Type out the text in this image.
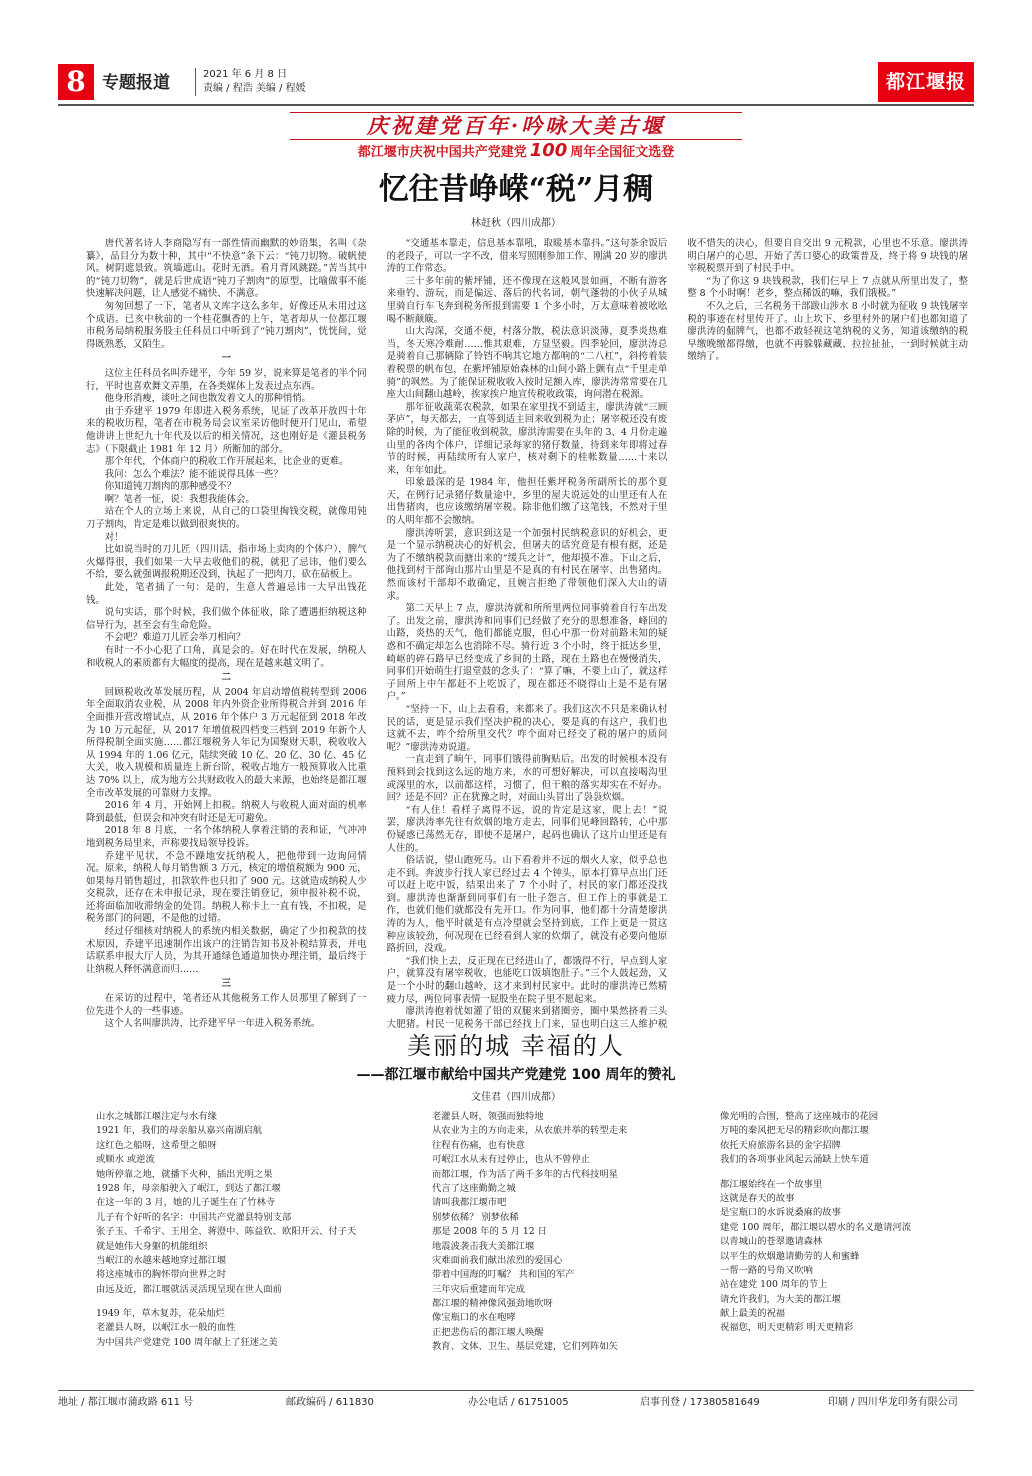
8 专题报道	2021 年 6 月 8 日
责编 / 程浩 美编 / 程媛	都江堰报
庆祝建党百年·吟咏大美古堰
都江堰市庆祝中国共产党建党 100 周年全国征文选登
忆往昔峥嵘“税”月稠
林赶秋（四川成都）

唐代著名诗人李商隐写有一部性情而幽默的妙语集，名叫《杂纂》，品目分为数十种，其中“不快意”条下云：“钝刀切物。破帆使风。树阴遮景致。筑墙遮山。花时无酒。看月背风跳蹉。”苦当其中的“钝刀切物”，就是后世成语“钝刀子割肉”的原型，比喻做事不能快速解决问题，让人感觉不痛快、不满意。

匆匆回想了一下，笔者从文库字这么多年，好像还从未用过这个成语。已亥中秋前的一个桂花飘香的上午，笔者却从一位都江堰市税务局纳税服务股主任科员口中听到了“钝刀割肉”，恍恍间，觉得既熟悉，又陌生。

一

这位主任科员名叫乔建平，今年 59 岁，说来算是笔者的半个同行，平时也喜欢舞文弄墨，在各类媒体上发表过点东西。

他身形消瘦，谈吐之间也散发着文人的那种悄悄。

由于乔建平 1979 年即进入税务系统，见证了改革开放四十年来的税收历程，笔者在市税务局会议室采访他时便开门见山，希望他讲讲上世纪九十年代及以后的相关情况，这也刚好是《灌县税务志》（下限截止 1981 年 12 月）所断加的部分。

那个年代，个体商户的税收工作开展起来，比企业的更难。

我问：怎么个难法？能不能说得具体一些？

你知道钝刀割肉的那种感受不？

啊？笔者一怔，说：我想我能体会。

站在个人的立场上来说，从自己的口袋里掏钱交税，就像用钝刀子割肉，肯定是难以做到很爽快的。

对！

比如说当时的刀儿匠（四川话，指市场上卖肉的个体户），脾气火爆得很，我们如果一大早去收他们的税，就犯了忌讳，他们要么不给，要么就强调报税期还没到，执起了一把肉刀，砍在砧板上。

此处，笔者插了一句：是的，生意人普遍忌讳一大早出钱花钱。

说句实话，那个时候，我们做个体征收，除了遭遇拒纳税这种信导行为，甚至会有生命危险。

不会吧？难道刀儿匠会举刀相向？

有时一不小心犯了口角，真是会的。好在时代在发展，纳税人和收税人的素质都有大幅度的提高，现在是越来越文明了。

二

回顾税收改革发展历程，从 2004 年启动增值税转型到 2006 年全面取消农业税，从 2008 年内外资企业所得税合并到 2016 年全面推开营改增试点，从 2016 年个体户 3 万元起征到 2018 年改为 10 万元起征，从 2017 年增值税四档变三档到 2019 年新个人所得税制全面实施……都江堰税务人年记为国聚财天职，税收收入从 1994 年的 1.06 亿元，陆续突破 10 亿、20 亿、30 亿、45 亿大关，收入规模和质量连上新台阶，税收占地方一般预算收入比重达 70% 以上，成为地方公共财政收入的最大来源，也始终是都江堰全市改革发展的可靠财力支撑。

2016 年 4 月，开始网上扣税。纳税人与收税人面对面的机率降到最低，但误会和冲突有时还是无可避免。

2018 年 8 月底，一名个体纳税人拿着注销的表和证，气冲冲地到税务局里来，声称要找局领导投诉。

乔建平见状，不急不躁地安抚纳税人，把他带到一边询问情况。原来，纳税人每月销售额 3 万元，核定的增值税额为 900 元，如果每月销售超过，扣款软件也只扣了 900 元。这就造成纳税人少交税款，还存在未申报记录，现在要注销登记，须申报补税不说，还将面临加收滞纳金的处罚。纳税人称卡上一直有钱，不扣税，是税务部门的问题，不是他的过错。

经过仔细核对纳税人的系统内相关数据，确定了少扣税款的技术原因，乔建平迅速制作出该户的注销告知书及补税结算表，并电话联系申报大厅人员，为其开通绿色通道加快办理注销，最后终于让纳税人释怀满意而归……

三

在采访的过程中，笔者还从其他税务工作人员那里了解到了一位先进个人的一些事迹。

这个人名叫廖洪涛，比乔建平早一年进入税务系统。

“交通基本靠走，信息基本靠吼，取暖基本靠抖。”这句茶余饭后的老段子，可以一字不改，借来写照刚参加工作、刚满 20 岁的廖洪涛的工作常态。

三十多年前的紫坪铺，还不像现在这般风景如画，不断有游客来垂钓、游玩，而是偏远、落后的代名词，朝气蓬勃的小伙子从城里骑自行车飞奔到税务所报到需要 1 个多小时，万太意味着被吆吆喝不断颠簸。

山大沟深，交通不便，村落分散，税法意识淡薄，夏季炎热难当，冬天寒冷难耐……惟其艰难，方显坚毅。四季轮回，廖洪涛总是骑着自己那辆除了铃铛不响其它地方都响的“二八杠”，斜挎着装着税票的帆布包，在紫坪铺原始森林的山间小路上颤有点“千里走单骑”的飒然。为了能保证税收收入按时足额入库，廖洪涛常常要在几座大山间翻山越岭，挨家挨户地宣传税收政策，询问潜在税源。

那年征收蔬菜农税款，如果在家里找不到适主，廖洪涛就“三顾茅庐”，每天都去，一直等到适主回来收到税为止；屠宰税还没有废除的时候，为了能征收到税款，廖洪涛需要在头年的 3、4 月份走遍山里的各肉个体户，详细记录每家的猪仔数量，待到来年即将过春节的时候，再陆续所有人家户，核对剩下的桂帐数量……十来以来，年年如此。

印象最深的是 1984 年，他担任紫坪税务所副所长的那个夏天，在例行记录猪仔数量途中，乡里的屋夫说远处的山里还有人在出售猪肉，也应该缴纳屠宰税。除非他们缴了这笔钱，不然对于里的人明年都不会缴纳。

廖洪涛听罢，意识到这是一个加强村民纳税意识的好机会，更是一个显示纳税决心的好机会，但屠夫的话究竟是有根有据，还是为了不缴纳税款而搪出来的“缓兵之计”，他却摸不准。下山之后，他找到村干部询山那片山里是不是真的有村民在屠宰、出售猪肉。然而该村干部却不敢确定，且婉言拒绝了带领他们深入大山的请求。

第二天早上 7 点，廖洪涛就和所所里两位同事骑着自行车出发了。出发之前，廖洪涛和同事们已经做了充分的思想准备，峰回的山路，炎热的天气，他们都能克服，但心中那一份对前路未知的疑惑和不确定却怎么也消除不尽。骑行近 3 个小时，终于抵达乡里，崎岖的碎石路早已经变成了乡间的土路，现在土路也在慢慢消失，同事们开始萌生打退堂鼓的念头了：“算了嘛，不要上山了，就这样子回所上中午都赶不上吃饭了，现在都还不晓得山上是不是有屠户。”

“坚持一下，山上去看看，来都来了。我们这次不只是来确认村民的话，更是显示我们坚决护税的决心，要是真的有这户，我们也这就不去，咋个给所里交代？咋个面对已经交了税的屠户的质问呢？”廖洪涛劝说道。

一直走到了晌午，同事们饿得前胸贴后。出发的时候根本没有预料到会找到这么远的地方来，水的可想好解决，可以直接喝沟里或深里的水，以前都这样，习惯了，但干粮的落实却实在不好办。回？还是不回？正在犹豫之时，对面山头冒出了袅袅炊烟。

“有人住！看样子离得不远，说的肯定是这家，爬上去！”说罢，廖洪涛率先往有炊烟的地方走去，同事们见峰回路转，心中那份疑惑已荡然无存，即使不是屠户，起码也确认了这片山里还是有人住的。

俗话说，望山跑死马。山下看着并不远的烟火人家，似乎总也走不到。奔波步行找人家已经过去 4 个钟头，原本打算早点出门还可以赶上吃中饭，结果出来了 7 个小时了，村民的家门都还没找到。廖洪涛也渐渐到同事们有一肚子怨言，但工作上的事就是工作，也就们他们就都没有先开口。作为同事，他们都十分清楚廖洪涛的为人，他平时就是有点冷望就会坚持到底，工作上更是一贯这种应该较劲，何况现在已经看到人家的炊烟了，就没有必要向他原路折回，没戏。

“我们快上去，反正现在已经进山了，都饿得不行，早点到人家户，就算没有屠宰税收，也能吃口饭填饱肚子。”三个人鼓起劲，又是一个小时的翻山越岭，这才来到村民家中。此时的廖洪涛已然精疲力尽，两位同事表情一屁股坐在院子里不愿起来。

廖洪涛抱着忧如灌了铅的双腿来到猪圈旁，圈中果然挤着三头大肥猪。村民一见税务干部已经找上门来，显也明白这三人维护税收不惜失的决心，但要自自交出 9 元税款，心里也不乐意。廖洪涛明白屠户的心思，开始了苦口婆心的政策普及，终于将 9 块钱的屠宰税税票开到了村民手中。

“为了你这 9 块钱税款，我们仨早上 7 点就从所里出发了，整整 8 个小时啊！老乡，整点稀饭的嘛，我们饿极。”

不久之后，三名税务干部跋山涉水 8 小时就为征收 9 块钱屠宰税的事迹在村里传开了。山上坎下、乡里村外的屠户们也都知道了廖洪涛的倔牌气，也都不敢轻视这笔纳税的义务，知道该缴纳的税早缴晚缴都得缴，也就不再躲躲藏藏、拉拉扯扯，一到时候就主动缴纳了。

美丽的城 幸福的人
——都江堰市献给中国共产党建党 100 周年的赞礼
文佳君（四川成都）
山水之城都江堰注定与水有缘
1921 年，我们的母亲船从嘉兴南湖启航
这红色之船呀，这希望之船呀
或顺水 或逆流
她所停靠之地，就播下火种，插出光明之果
1928 年，母亲船驶入了岷江，到达了都江堰
在这一年的 3 月，她的儿子诞生在了竹林寺
儿子有个好听的名字：中国共产党灌县特别支部
张子玉、千希宇、王用全、蒋澄中、陈益钦、欧阳开云、付子天
就是她伟大身躯的机能组织
当岷江的水越来越地穿过都江堰
将这座城市的胸怀带向世界之时
由远及近，都江堰就活灵活现呈现在世人面前
1949 年，草木复苏，花朵灿烂
老灌县人呀，以岷江水一般的血性
为中国共产党建党 100 周年献上了狂迷之美
老灌县人呀，领强而独特地
从农业为主的方向走来，从农旅并举的转型走来
往程有伤痛，也有快意
可岷江水从未有过停止，也从不曾停止
而都江堰，作为活了两千多年的古代科技明星
代言了这座勤勤之城
请叫我都江堰市吧
别梦依稀？ 别梦依稀
那是 2008 年的 5 月 12 日
地震波袭击我大美都江堰
灾难面前我们献出浓烈的爱国心
带着中国海的叮嘱？ 共和国的军产
三年灾后重建而年完成
都江堰的精神像风强劲地吹呀
像宝瓶口的水在咆哮
正把悲伤后的都江堰人唤醒
教育、文体、卫生、基层党建，它们列阵如矢
像光明的合围，整高了这座城市的花园
万吨的秦风把无尽的精彩吹向都江堰
依托天府旅游名县的金字招牌
我们的各项事业风起云涌缺上快车道
都江堰始终在一个故事里
这就是春天的故事
是宝瓶口的水诉说桑麻的故事
建党 100 周年，都江堰以碧水的名义邀请河流
以青城山的苍翠邀请森林
以平生的炊烟邀请勤劳的人和蜜蜂
一帮一路的号角又吹响
站在建党 100 周年的节上
请允许我们，为大美的都江堰
献上最美的祝福
祝福您，明天更精彩 明天更精彩
地址 / 都江堰市蒲政路 611 号	邮政编码 / 611830	办公电话 / 61751005	启事刊登 / 17380581649	印刷 / 四川华龙印务有限公司
